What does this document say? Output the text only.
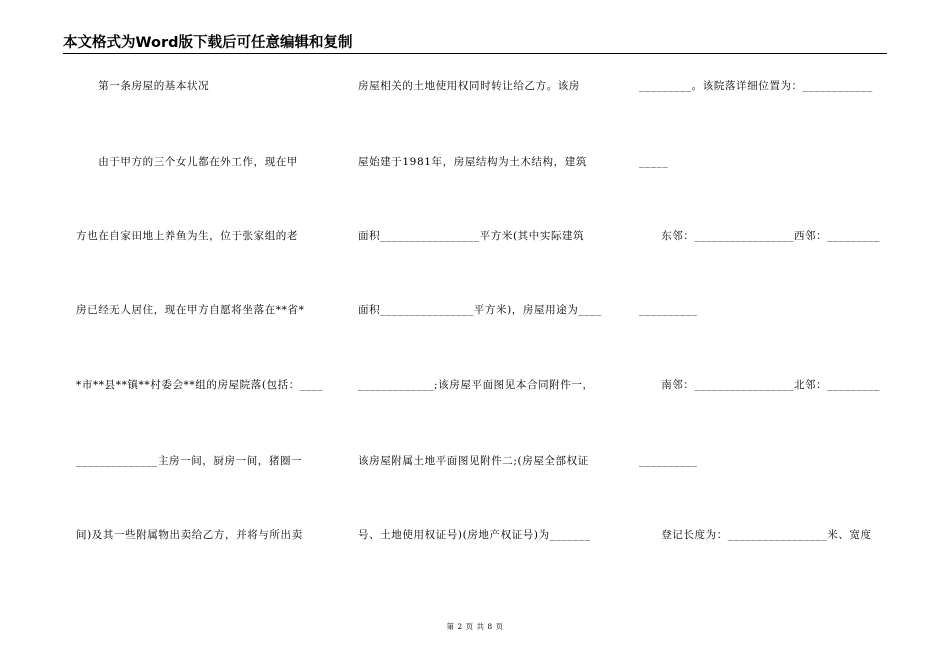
本文格式为Word版下载后可任意编辑和复制
　　第一条房屋的基本状况
　　由于甲方的三个女儿都在外工作，现在甲
方也在自家田地上养鱼为生，位于张家组的老
房已经无人居住，现在甲方自愿将坐落在**省*
*市**县**镇**村委会**组的房屋院落(包括：____
______________主房一间，厨房一间，猪圈一
间)及其一些附属物出卖给乙方，并将与所出卖
房屋相关的土地使用权同时转让给乙方。该房
屋始建于1981年，房屋结构为土木结构，建筑
面积_________________平方米(其中实际建筑
面积________________平方米)，房屋用途为____
_____________;该房屋平面图见本合同附件一，
该房屋附属土地平面图见附件二;(房屋全部权证
号、土地使用权证号)(房地产权证号)为_______
_________。该院落详细位置为：____________
_____
　　东邻：_________________西邻：_________
__________
　　南邻：_________________北邻：_________
__________
　　登记长度为：_________________米、宽度
第 2 页 共 8 页
